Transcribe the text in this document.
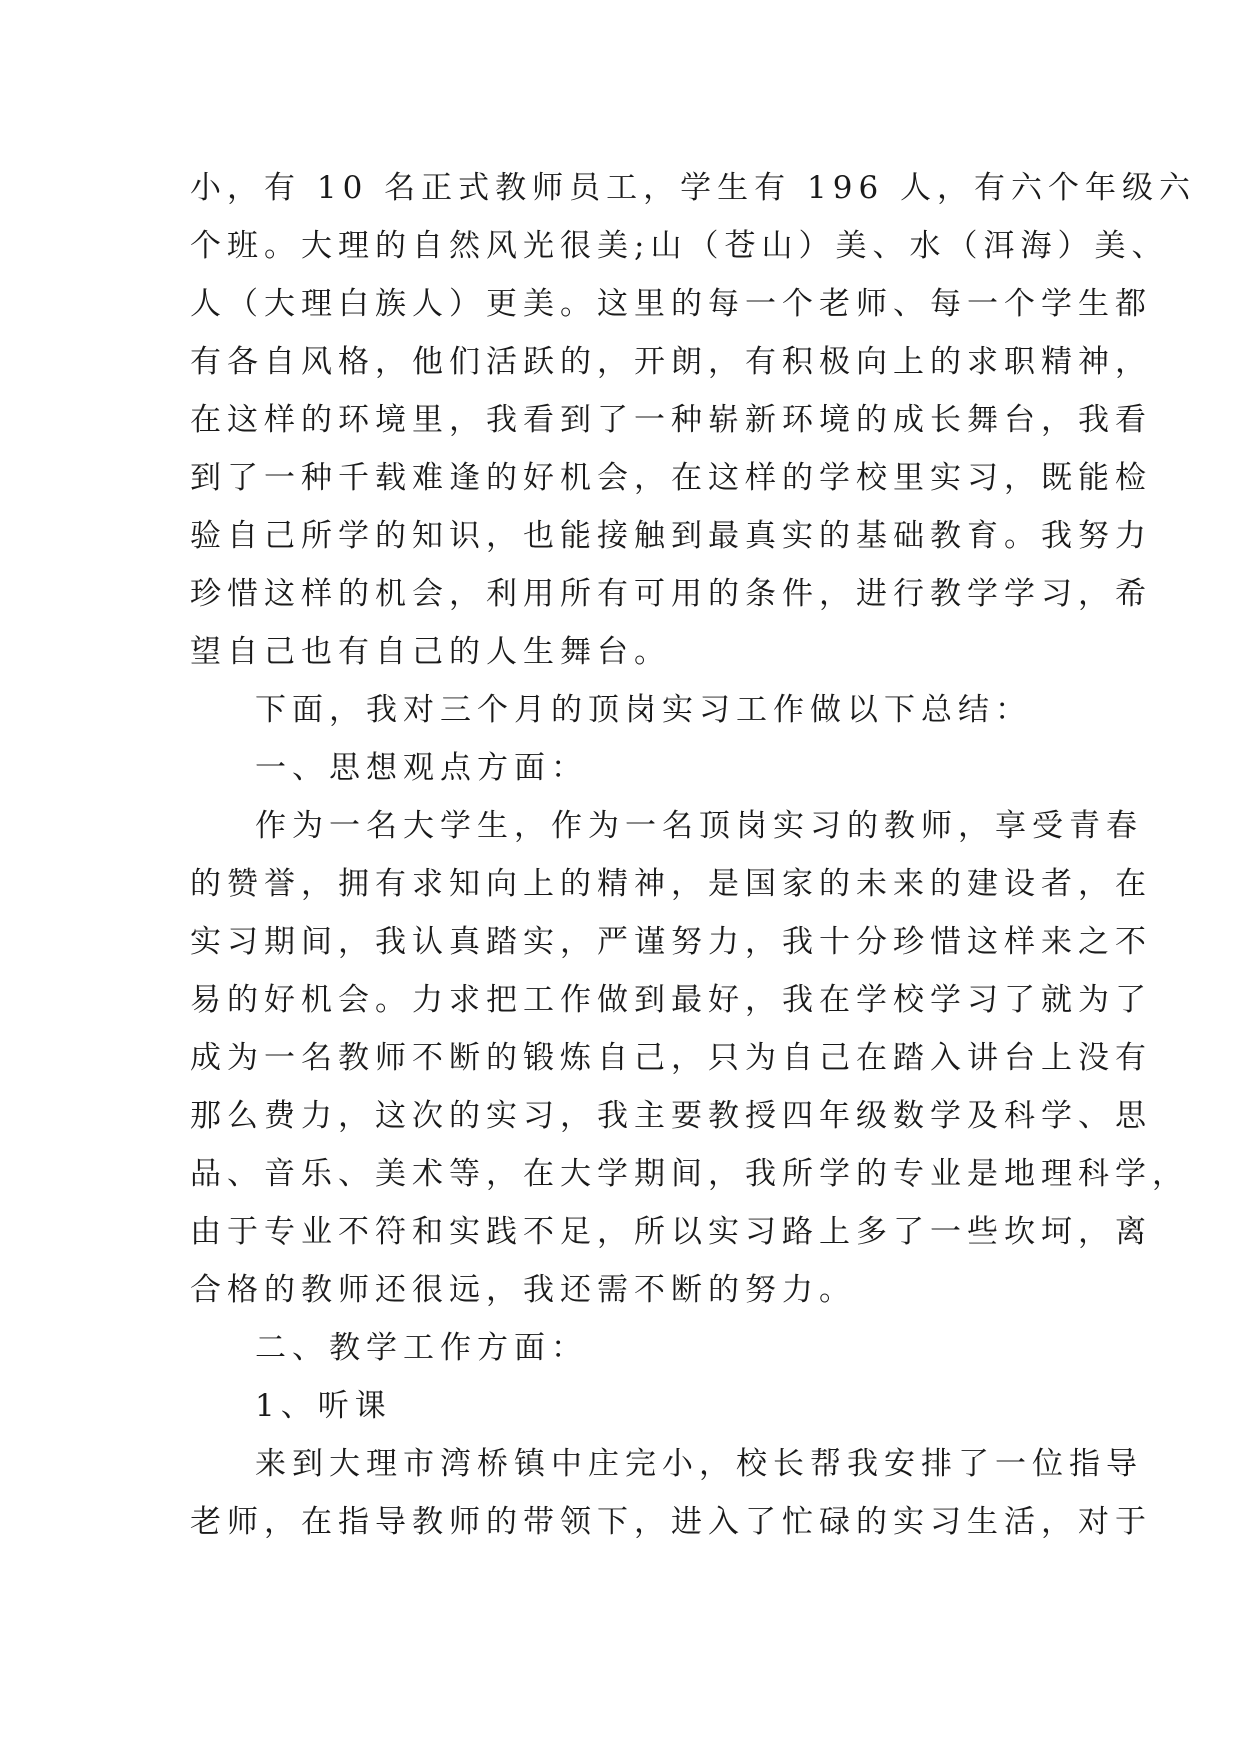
小，有 10 名正式教师员工，学生有 196 人，有六个年级六
个班。大理的自然风光很美;山（苍山）美、水（洱海）美、
人（大理白族人）更美。这里的每一个老师、每一个学生都
有各自风格，他们活跃的，开朗，有积极向上的求职精神，
在这样的环境里，我看到了一种崭新环境的成长舞台，我看
到了一种千载难逢的好机会，在这样的学校里实习，既能检
验自己所学的知识，也能接触到最真实的基础教育。我努力
珍惜这样的机会，利用所有可用的条件，进行教学学习，希
望自己也有自己的人生舞台。
下面，我对三个月的顶岗实习工作做以下总结：
一、思想观点方面：
作为一名大学生，作为一名顶岗实习的教师，享受青春
的赞誉，拥有求知向上的精神，是国家的未来的建设者，在
实习期间，我认真踏实，严谨努力，我十分珍惜这样来之不
易的好机会。力求把工作做到最好，我在学校学习了就为了
成为一名教师不断的锻炼自己，只为自己在踏入讲台上没有
那么费力，这次的实习，我主要教授四年级数学及科学、思
品、音乐、美术等，在大学期间，我所学的专业是地理科学，
由于专业不符和实践不足，所以实习路上多了一些坎坷，离
合格的教师还很远，我还需不断的努力。
二、教学工作方面：
1、听课
来到大理市湾桥镇中庄完小，校长帮我安排了一位指导
老师，在指导教师的带领下，进入了忙碌的实习生活，对于
